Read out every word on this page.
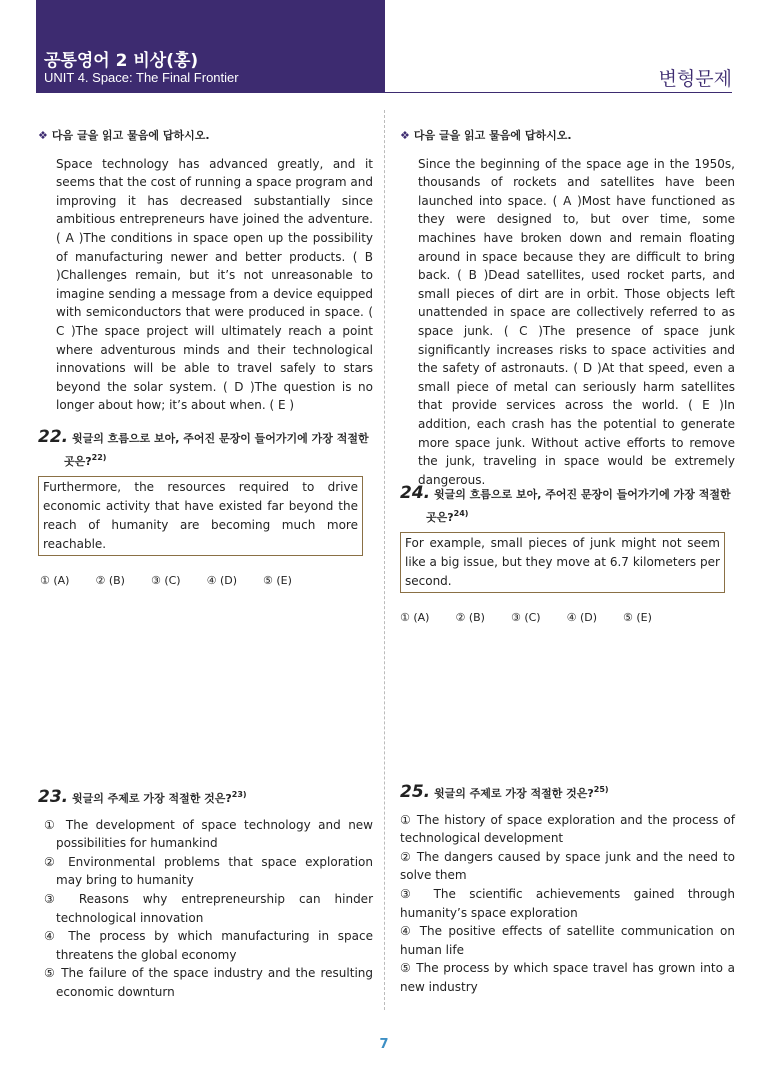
공통영어 2 비상(홍)
UNIT 4. Space: The Final Frontier	변형문제
❖ 다음 글을 읽고 물음에 답하시오.
Space technology has advanced greatly, and it seems that the cost of running a space program and improving it has decreased substantially since ambitious entrepreneurs have joined the adventure. ( A )The conditions in space open up the possibility of manufacturing newer and better products. ( B )Challenges remain, but it’s not unreasonable to imagine sending a message from a device equipped with semiconductors that were produced in space. ( C )The space project will ultimately reach a point where adventurous minds and their technological innovations will be able to travel safely to stars beyond the solar system. ( D )The question is no longer about how; it’s about when. ( E )
22. 윗글의 흐름으로 보아, 주어진 문장이 들어가기에 가장 적절한 곳은?$^{22)}$
Furthermore, the resources required to drive economic activity that have existed far beyond the reach of humanity are becoming much more reachable.
① (A) ② (B) ③ (C) ④ (D) ⑤ (E)
23. 윗글의 주제로 가장 적절한 것은?$^{23)}$
① The development of space technology and new possibilities for humankind
② Environmental problems that space exploration may bring to humanity
③ Reasons why entrepreneurship can hinder technological innovation
④ The process by which manufacturing in space threatens the global economy
⑤ The failure of the space industry and the resulting economic downturn
❖ 다음 글을 읽고 물음에 답하시오.
Since the beginning of the space age in the 1950s, thousands of rockets and satellites have been launched into space. ( A )Most have functioned as they were designed to, but over time, some machines have broken down and remain floating around in space because they are difficult to bring back. ( B )Dead satellites, used rocket parts, and small pieces of dirt are in orbit. Those objects left unattended in space are collectively referred to as space junk. ( C )The presence of space junk significantly increases risks to space activities and the safety of astronauts. ( D )At that speed, even a small piece of metal can seriously harm satellites that provide services across the world. ( E )In addition, each crash has the potential to generate more space junk. Without active efforts to remove the junk, traveling in space would be extremely dangerous.
24. 윗글의 흐름으로 보아, 주어진 문장이 들어가기에 가장 적절한 곳은?$^{24)}$
For example, small pieces of junk might not seem like a big issue, but they move at 6.7 kilometers per second.
① (A) ② (B) ③ (C) ④ (D) ⑤ (E)
25. 윗글의 주제로 가장 적절한 것은?$^{25)}$
① The history of space exploration and the process of technological development
② The dangers caused by space junk and the need to solve them
③ The scientific achievements gained through humanity’s space exploration
④ The positive effects of satellite communication on human life
⑤ The process by which space travel has grown into a new industry
7
